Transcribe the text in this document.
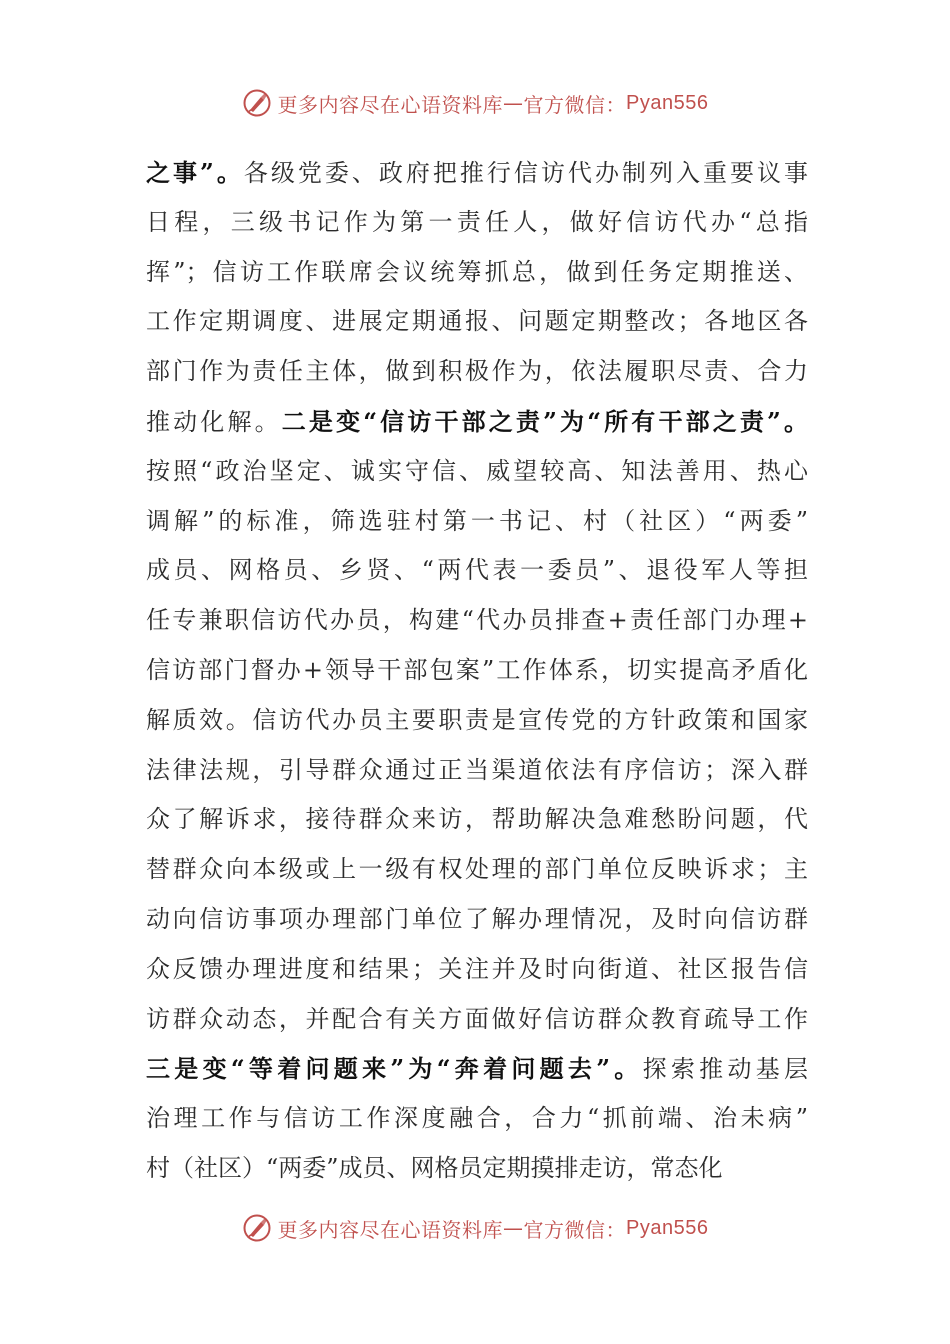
更多内容尽在心语资料库 — 官方微信： Pyan556
之事”。各级党委、政府把推行信访代办制列入重要议事
日程，三级书记作为第一责任人，做好信访代办“总指
挥”；信访工作联席会议统筹抓总，做到任务定期推送、
工作定期调度、进展定期通报、问题定期整改；各地区各
部门作为责任主体，做到积极作为，依法履职尽责、合力
推动化解。二是变“信访干部之责”为“所有干部之责”。
按照“政治坚定、诚实守信、威望较高、知法善用、热心
调解”的标准，筛选驻村第一书记、村（社区）“两委”
成员、网格员、乡贤、“两代表一委员”、退役军人等担
任专兼职信访代办员，构建“代办员排查+责任部门办理+
信访部门督办+领导干部包案”工作体系，切实提高矛盾化
解质效。信访代办员主要职责是宣传党的方针政策和国家
法律法规，引导群众通过正当渠道依法有序信访；深入群
众了解诉求，接待群众来访，帮助解决急难愁盼问题，代
替群众向本级或上一级有权处理的部门单位反映诉求；主
动向信访事项办理部门单位了解办理情况，及时向信访群
众反馈办理进度和结果；关注并及时向街道、社区报告信
访群众动态，并配合有关方面做好信访群众教育疏导工作
三是变“等着问题来”为“奔着问题去”。探索推动基层
治理工作与信访工作深度融合，合力“抓前端、治未病”
村（社区）“两委”成员、网格员定期摸排走访，常态化
更多内容尽在心语资料库 — 官方微信： Pyan556
